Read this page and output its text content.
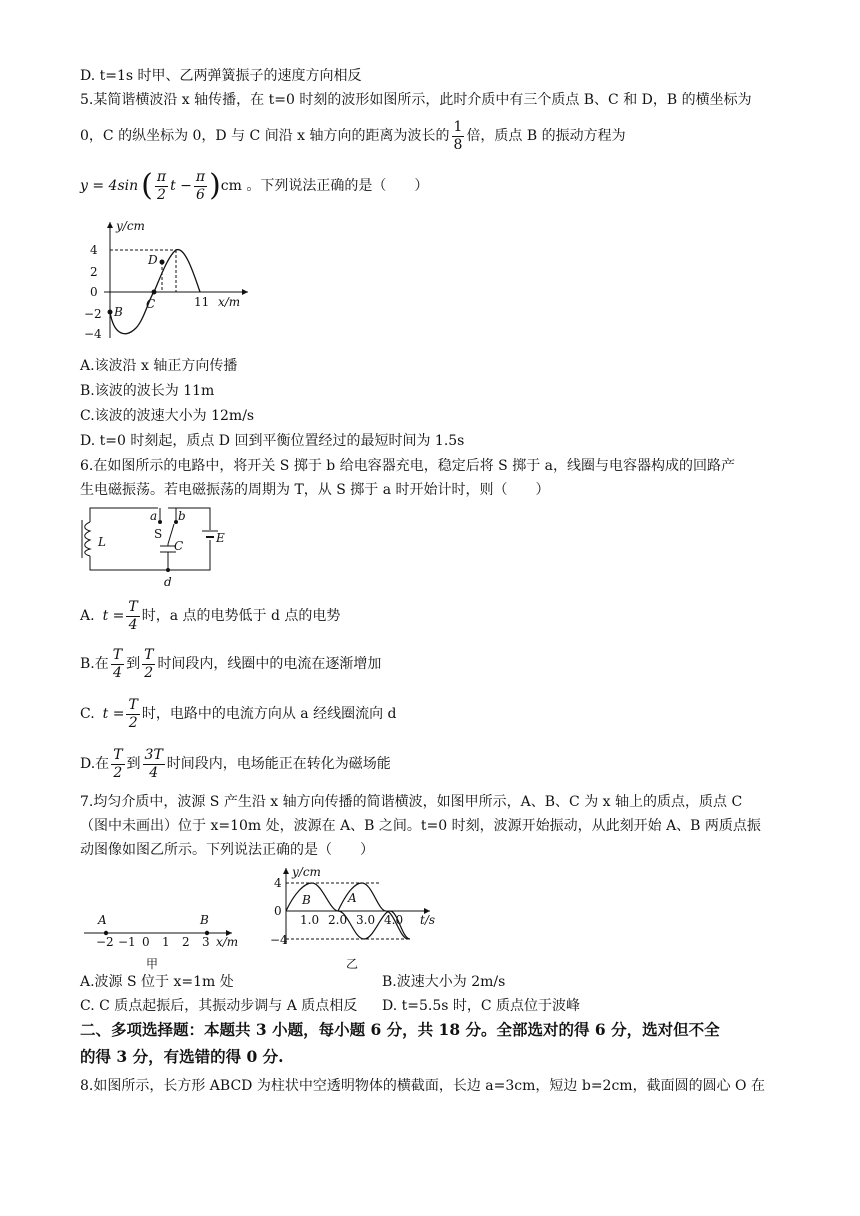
D. t=1s 时甲、乙两弹簧振子的速度方向相反
5.某简谐横波沿 x 轴传播，在 t=0 时刻的波形如图所示，此时介质中有三个质点 B、C 和 D，B 的横坐标为
0，C 的纵坐标为 0，D 与 C 间沿 x 轴方向的距离为波长的 $\frac{1}{8}$ 倍，质点 B 的振动方程为
y = 4sin ( $\frac{\pi}{2}$ $t - \frac{\pi}{6}$ ) cm 。下列说法正确的是（　　）
y/cm
x/m
4
2
0
−2
−4
11
B
C
D
A.该波沿 x 轴正方向传播
B.该波的波长为 11m
C.该波的波速大小为 12m/s
D. t=0 时刻起，质点 D 回到平衡位置经过的最短时间为 1.5s
6.在如图所示的电路中，将开关 S 掷于 b 给电容器充电，稳定后将 S 掷于 a，线圈与电容器构成的回路产
生电磁振荡。若电磁振荡的周期为 T，从 S 掷于 a 时开始计时，则（　　）
L
a b
S
C
E
d
A. $t = \frac{T}{4}$ 时，a 点的电势低于 d 点的电势
B.在 $\frac{T}{4}$ 到 $\frac{T}{2}$ 时间段内，线圈中的电流在逐渐增加
C. $t = \frac{T}{2}$ 时，电路中的电流方向从 a 经线圈流向 d
D.在 $\frac{T}{2}$ 到 $\frac{3T}{4}$ 时间段内，电场能正在转化为磁场能
7.均匀介质中，波源 S 产生沿 x 轴方向传播的简谐横波，如图甲所示，A、B、C 为 x 轴上的质点，质点 C
（图中未画出）位于 x=10m 处，波源在 A、B 之间。t=0 时刻，波源开始振动，从此刻开始 A、B 两质点振
动图像如图乙所示。下列说法正确的是（　　）
A	B
−2 −1 0 1 2 3 x/m
甲
y/cm
4
0
−4
B	A
1.0 2.0 3.0 4.0 t/s
乙
A.波源 S 位于 x=1m 处	B.波速大小为 2m/s
C. C 质点起振后，其振动步调与 A 质点相反 D. t=5.5s 时，C 质点位于波峰
二、多项选择题：本题共 3 小题，每小题 6 分，共 18 分。全部选对的得 6 分，选对但不全
的得 3 分，有选错的得 0 分.
8.如图所示，长方形 ABCD 为柱状中空透明物体的横截面，长边 a=3cm，短边 b=2cm，截面圆的圆心 O 在
